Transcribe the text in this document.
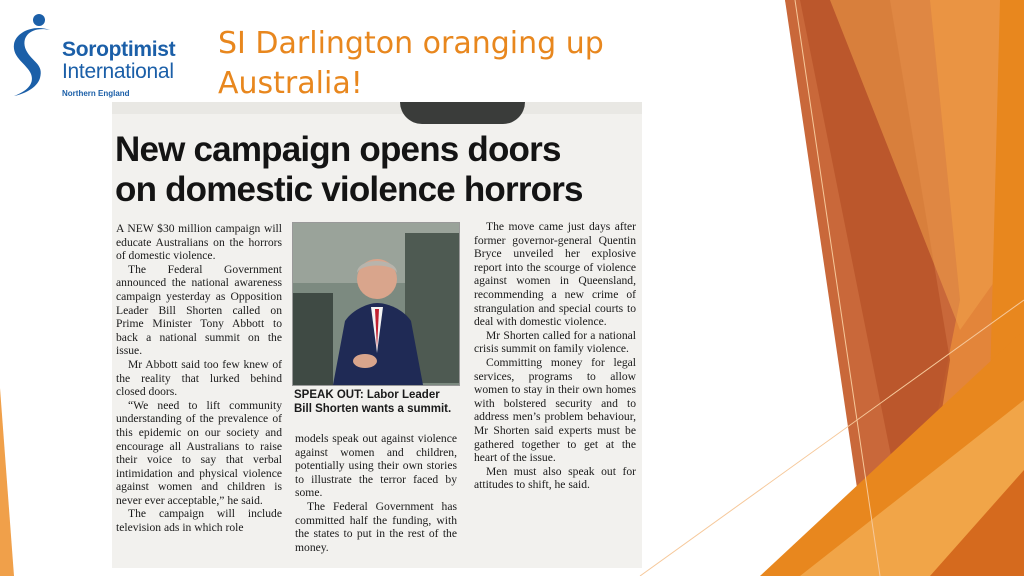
Soroptimist
International
Northern England
SI Darlington oranging up
Australia!
New campaign opens doors
on domestic violence horrors

A NEW $30 million campaign will educate Australians on the horrors of domestic violence.

The Federal Government announced the national awareness campaign yesterday as Opposition Leader Bill Shorten called on Prime Minister Tony Abbott to back a national summit on the issue.

Mr Abbott said too few knew of the reality that lurked behind closed doors.

“We need to lift community understanding of the prevalence of this epidemic on our society and encourage all Australians to raise their voice to say that verbal intimidation and physical violence against women and children is never ever acceptable,” he said.

The campaign will include television ads in which role

SPEAK OUT: Labor Leader
Bill Shorten wants a summit.

models speak out against violence against women and children, potentially using their own stories to illustrate the terror faced by some.

The Federal Government has committed half the funding, with the states to put in the rest of the money.

The move came just days after former governor-general Quentin Bryce unveiled her explosive report into the scourge of violence against women in Queensland, recommending a new crime of strangulation and special courts to deal with domestic violence.

Mr Shorten called for a national crisis summit on family violence.

Committing money for legal services, programs to allow women to stay in their own homes with bolstered security and to address men’s problem behaviour, Mr Shorten said experts must be gathered together to get at the heart of the issue.

Men must also speak out for attitudes to shift, he said.
